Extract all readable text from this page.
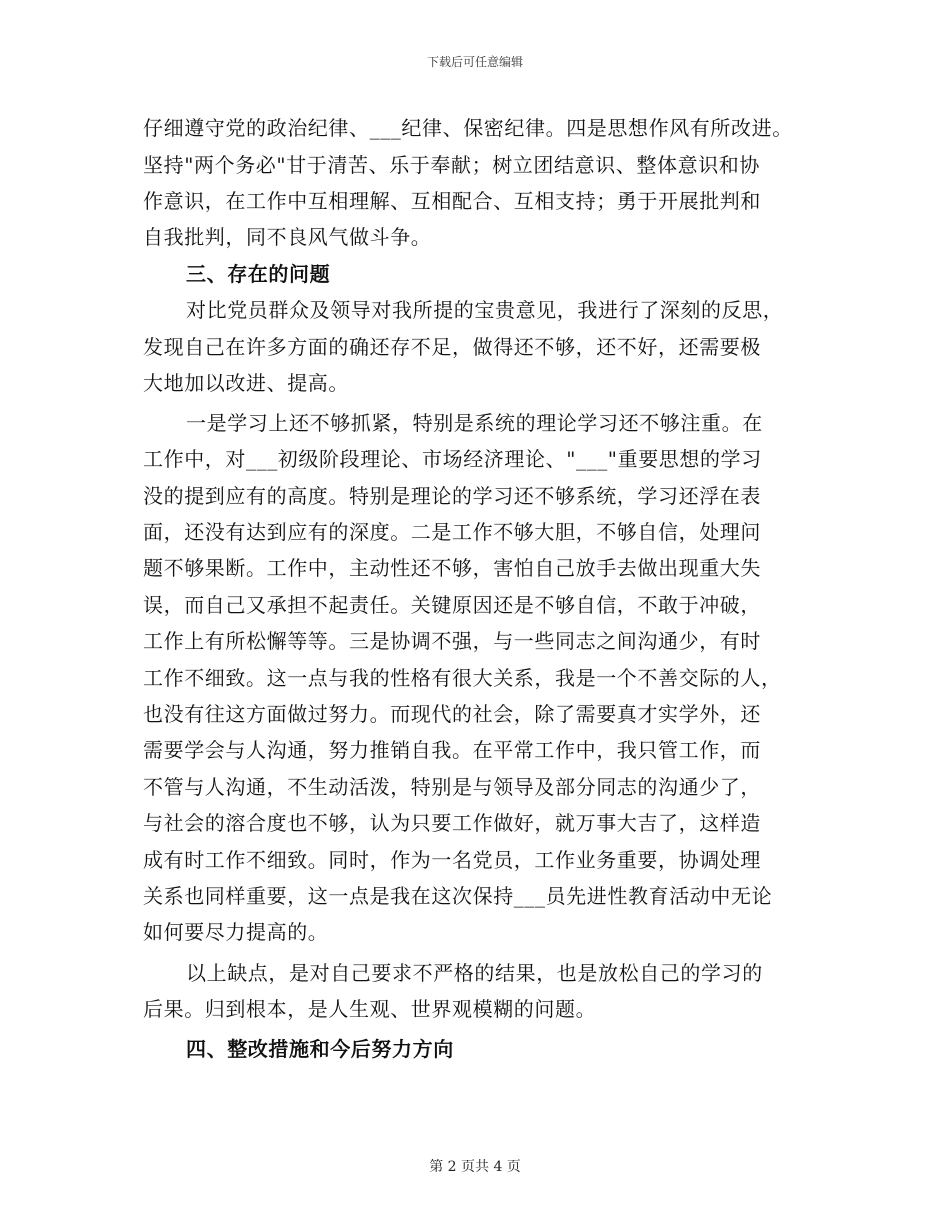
下载后可任意编辑
仔细遵守党的政治纪律、___纪律、保密纪律。四是思想作风有所改进。
坚持"两个务必"甘于清苦、乐于奉献；树立团结意识、整体意识和协
作意识，在工作中互相理解、互相配合、互相支持；勇于开展批判和
自我批判，同不良风气做斗争。
三、存在的问题
对比党员群众及领导对我所提的宝贵意见，我进行了深刻的反思，
发现自己在许多方面的确还存不足，做得还不够，还不好，还需要极
大地加以改进、提高。
一是学习上还不够抓紧，特别是系统的理论学习还不够注重。在
工作中，对___初级阶段理论、市场经济理论、"___"重要思想的学习
没的提到应有的高度。特别是理论的学习还不够系统，学习还浮在表
面，还没有达到应有的深度。二是工作不够大胆，不够自信，处理问
题不够果断。工作中，主动性还不够，害怕自己放手去做出现重大失
误，而自己又承担不起责任。关键原因还是不够自信，不敢于冲破，
工作上有所松懈等等。三是协调不强，与一些同志之间沟通少，有时
工作不细致。这一点与我的性格有很大关系，我是一个不善交际的人，
也没有往这方面做过努力。而现代的社会，除了需要真才实学外，还
需要学会与人沟通，努力推销自我。在平常工作中，我只管工作，而
不管与人沟通，不生动活泼，特别是与领导及部分同志的沟通少了，
与社会的溶合度也不够，认为只要工作做好，就万事大吉了，这样造
成有时工作不细致。同时，作为一名党员，工作业务重要，协调处理
关系也同样重要，这一点是我在这次保持___员先进性教育活动中无论
如何要尽力提高的。
以上缺点，是对自己要求不严格的结果，也是放松自己的学习的
后果。归到根本，是人生观、世界观模糊的问题。
四、整改措施和今后努力方向
第 2 页共 4 页
